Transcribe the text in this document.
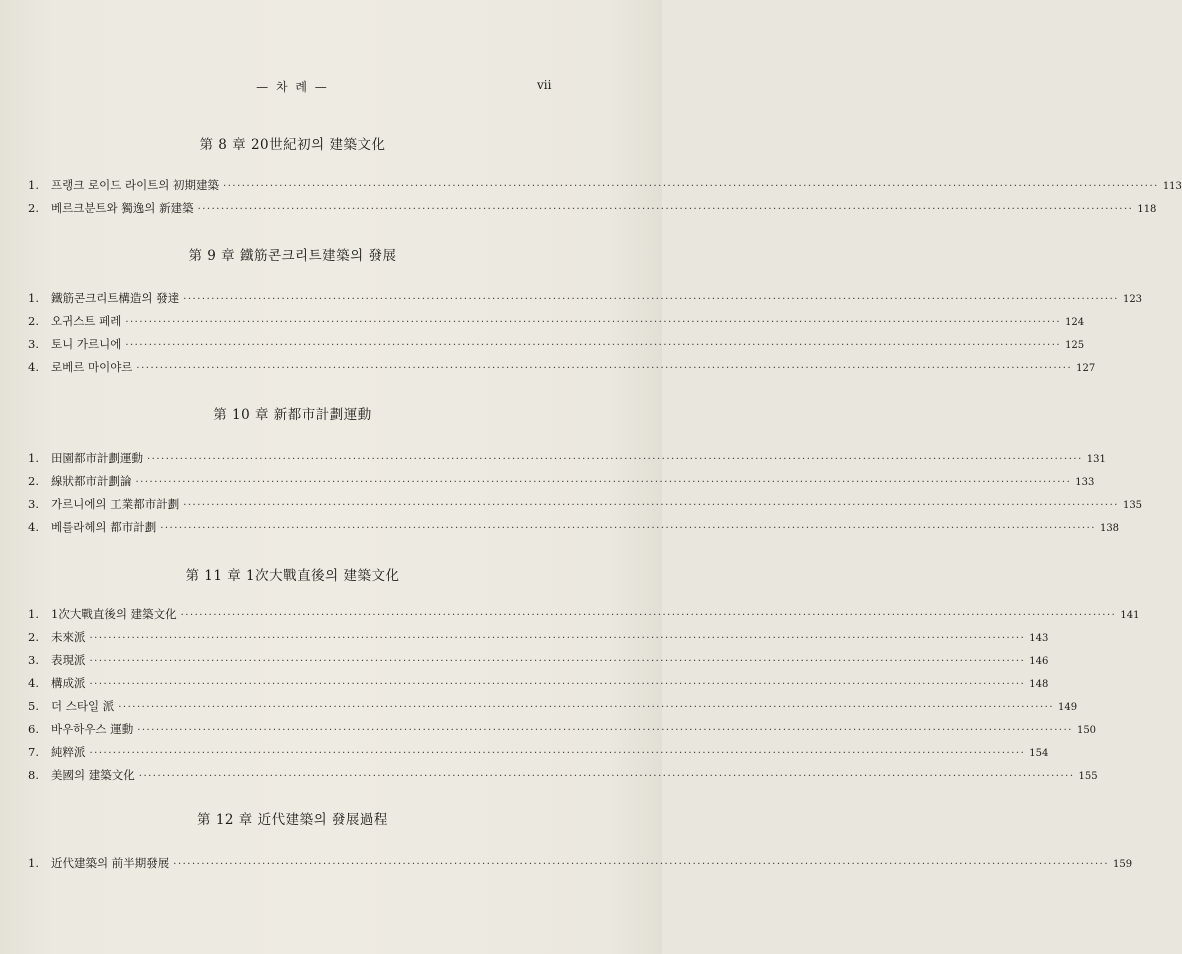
— 차 례 —	vii
第 8 章 20世紀初의 建築文化
1.	프랭크 로이드 라이트의 初期建築 ········································································································································································································ 113
2.	베르크분트와 獨逸의 新建築 ········································································································································································································ 118
第 9 章 鐵筋콘크리트建築의 發展
1.	鐵筋콘크리트構造의 發達 ········································································································································································································ 123
2.	오귀스트 페레 ········································································································································································································ 124
3.	토니 가르니에 ········································································································································································································ 125
4.	로베르 마이야르 ········································································································································································································ 127
第 10 章 新都市計劃運動
1.	田園都市計劃運動 ········································································································································································································ 131
2.	線狀都市計劃論 ········································································································································································································ 133
3.	가르니에의 工業都市計劃 ········································································································································································································ 135
4.	베를라헤의 都市計劃 ········································································································································································································ 138
第 11 章 1次大戰直後의 建築文化
1.	1次大戰直後의 建築文化 ········································································································································································································ 141
2.	未來派 ········································································································································································································ 143
3.	表現派 ········································································································································································································ 146
4.	構成派 ········································································································································································································ 148
5.	더 스타일 派 ········································································································································································································ 149
6.	바우하우스 運動 ········································································································································································································ 150
7.	純粹派 ········································································································································································································ 154
8.	美國의 建築文化 ········································································································································································································ 155
第 12 章 近代建築의 發展過程
1.	近代建築의 前半期發展 ········································································································································································································ 159
